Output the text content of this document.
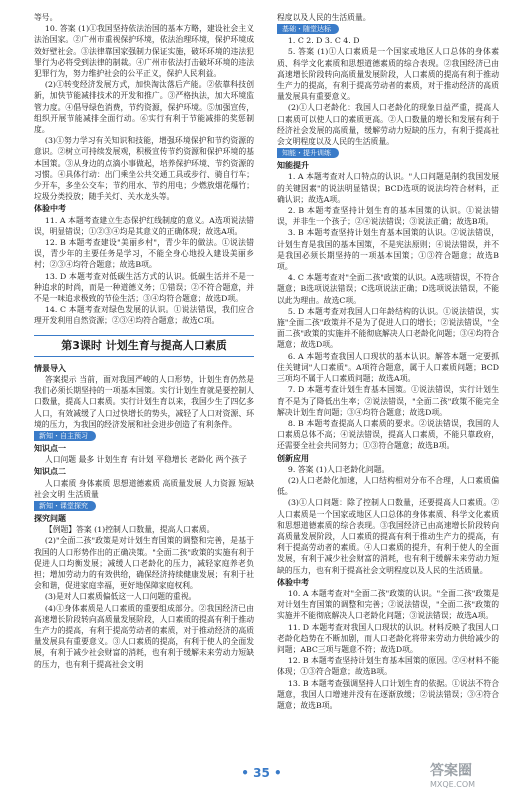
等号。

10. 答案 (1)①我国坚持依法治国的基本方略，建设社会主义法治国家。②广州市重视保护环境，依法治理环境，保护环境成效好壁社会。③法律靠国家强制力保证实施，破坏环境的违法犯罪行为必将受到法律的制裁。④广州市依法打击破坏环境的违法犯罪行为，努力维护社会的公平正义，保护人民利益。

(2)①转变经济发展方式，加快淘汰落后产能。②依靠科技创新，加快节能减排技术的开发和推广。③严格执法，加大环境监管力度。④倡导绿色消费，节约资源，保护环境。⑤加强宣传，组织开展节能减排全面行动。⑥实行有利于节能减排的奖惩制度。

(3)①努力学习有关知识和技能，增强环境保护和节约资源的意识。②树立可持续发展观，积极宣传节约资源和保护环境的基本国策。③从身边的点滴小事做起，培养保护环境、节约资源的习惯。④具体行动：出门乘坐公共交通工具或步行、骑自行车；少开车，多坐公交车；节约用水、节约用电；少燃放烟花爆竹；垃圾分类投放；随手关灯、关水龙头等。

体验中考

11. A 本题考查建立生态保护红线制度的意义。A选项说法错误，明显错误；①②③④均是其意义的正确体现；故选A项。

12. B 本题考查建设"美丽乡村"，青少年的做法。①说法错误，青少年的主要任务是学习，不能全身心地投入建设美丽乡村；②③④均符合题意；故选B项。

13. D 本题考查对低碳生活方式的认识。低碳生活并不是一种追求的时尚，而是一种道德义务；①错误；②不符合题意，并不是一味追求极致的节俭生活；③④均符合题意；故选D项。

14. C 本题考查对绿色发展的认识。①说法错误，我们应合理开发利用自然资源；②③④均符合题意；故选C项。

第3课时 计划生育与提高人口素质

情景导入

答案提示 当前，面对我国严峻的人口形势，计划生育仍然是我们必须长期坚持的一项基本国策。实行计划生育就是要控制人口数量，提高人口素质。实行计划生育以来，我国少生了四亿多人口，有效减缓了人口过快增长的势头，减轻了人口对资源、环境的压力，为我国的经济发展和社会进步创造了有利条件。

新知・自主预习

知识点一

人口问题 最多 计划生育 有计划 平稳增长 老龄化 两个孩子

知识点二

人口素质 身体素质 思想道德素质 高质量发展 人力资源 短缺 社会文明 生活质量

新知・课堂探究

探究问题

【例题】答案 (1)控制人口数量，提高人口素质。

(2)"全面二孩"政策是对计划生育国策的调整和完善，是基于我国的人口形势作出的正确决策。"全面二孩"政策的实施有利于促进人口均衡发展；减缓人口老龄化的压力，减轻家庭养老负担；增加劳动力的有效供给，确保经济持续健康发展；有利于社会和谐，促进家庭幸福，更好地保障家庭权利。

(3)是对人口素质偏低这一人口问题的重视。

(4)①身体素质是人口素质的重要组成部分。②我国经济已由高速增长阶段转向高质量发展阶段，人口素质的提高有利于推动生产力的提高，有利于提高劳动者的素质，对于推动经济的高质量发展具有重要意义。③人口素质的提高，有利于使人的全面发展，有利于减少社会财富的消耗，也有利于缓解未来劳动力短缺的压力，也有利于提高社会文明

程度以及人民的生活质量。

基础・随堂达标

1. C 2. D 3. C 4. D

5. 答案 (1)①人口素质是一个国家或地区人口总体的身体素质、科学文化素质和思想道德素质的综合表现。②我国经济已由高速增长阶段转向高质量发展阶段，人口素质的提高有利于推动生产力的提高，有利于提高劳动者的素质，对于推动经济的高质量发展具有重要意义。

(2)①人口老龄化：我国人口老龄化的现象日益严重，提高人口素质可以使人口的素质更高。②人口数量的增长和发展有利于经济社会发展的高质量，缓解劳动力短缺的压力，有利于提高社会文明程度以及人民的生活质量。

知能・提升训练

知能提升

1. A 本题考查对人口特点的认识。"人口问题是制约我国发展的关键因素"的说法明显错误；BCD选项的说法均符合材料，正确认识；故选A项。

2. B 本题考查坚持计划生育的基本国策的认识。①说法错误，并非生一个孩子；②④说法错误；③说法正确；故选B项。

3. B 本题考查坚持计划生育基本国策的认识。②说法错误，计划生育是我国的基本国策，不是宪法原则；④说法错误，并不是我国必须长期坚持的一项基本国策；①③符合题意；故选B项。

4. C 本题考查对"全面二孩"政策的认识。A选项错误，不符合题意；B选项说法错误；C选项说法正确；D选项说法错误，不能以此为理由。故选C项。

5. D 本题考查对我国人口年龄结构的认识。①说法错误，实施"全面二孩"政策并不是为了促进人口的增长；②说法错误，"全面二孩"政策的实施并不能彻底解决人口老龄化问题；③④均符合题意；故选D项。

6. A 本题考查我国人口现状的基本认识。解答本题一定要抓住关键词"人口素质"。A项符合题意，属于人口素质问题；BCD三项均不属于人口素质问题；故选A项。

7. D 本题考查计划生育基本国策。①说法错误，实行计划生育不是为了降低出生率；②说法错误，"全面二孩"政策不能完全解决计划生育问题；③④均符合题意；故选D项。

8. B 本题考查提高人口素质的要求。②说法错误，我国的人口素质总体不高；④说法错误，提高人口素质，不能只靠政府，还需要全社会共同努力；①③符合题意；故选B项。

创新应用

9. 答案 (1)人口老龄化问题。

(2)人口老龄化加速，人口结构相对分布不合理，人口素质偏低。

(3)①人口问题：除了控制人口数量，还要提高人口素质。②人口素质是一个国家或地区人口总体的身体素质、科学文化素质和思想道德素质的综合表现。③我国经济已由高速增长阶段转向高质量发展阶段，人口素质的提高有利于推动生产力的提高，有利于提高劳动者的素质。④人口素质的提升，有利于使人的全面发展，有利于减少社会财富的消耗，也有利于缓解未来劳动力短缺的压力，也有利于提高社会文明程度以及人民的生活质量。

体验中考

10. A 本题考查对"全面二孩"政策的认识。"全面二孩"政策是对计划生育国策的调整和完善；②说法错误，"全面二孩"政策的实施并不能彻底解决人口老龄化问题；③说法错误；故选A项。

11. D 本题考查对我国人口现状的认识。材料反映了我国人口老龄化趋势在不断加剧，而人口老龄化将带来劳动力供给减少的问题；ABC三项与题意不符；故选D项。

12. B 本题考查坚持计划生育基本国策的原因。②④材料不能体现；①③符合题意；故选B项。

13. B 本题考查强调坚持人口计划生育的依据。①说法不符合题意，我国人口增速并没有在逐渐放缓；②说法错误；③④符合题意；故选B项。

• 35 •	答案圈
MXQE.COM
